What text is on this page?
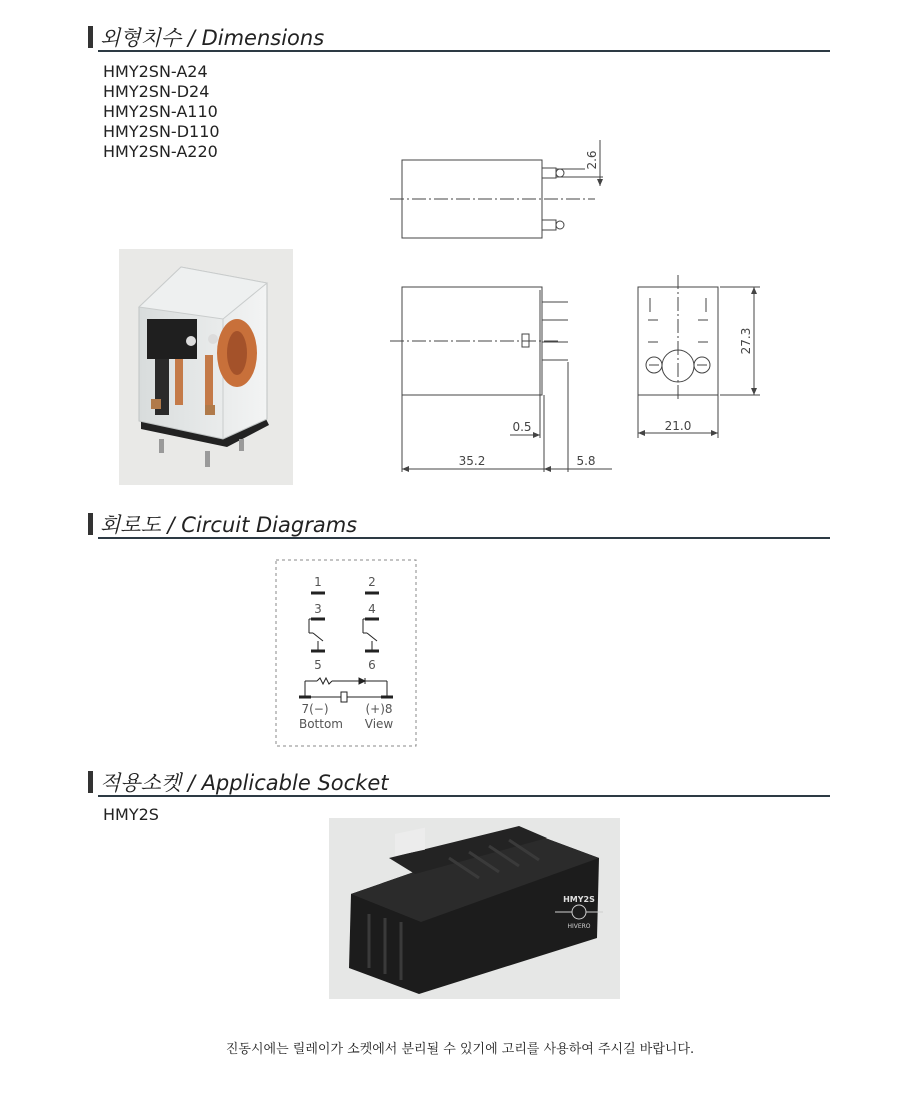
외형치수 / Dimensions
HMY2SN-A24
HMY2SN-D24
HMY2SN-A110
HMY2SN-D110
HMY2SN-A220	2.6
27.3
21.0
0.5
35.2	5.8
회로도 / Circuit Diagrams
1	2
3	4
5	6
7(−)	(+)8
Bottom View
적용소켓 / Applicable Socket
HMY2S
HMY2S
HIVERO
진동시에는 릴레이가 소켓에서 분리될 수 있기에 고리를 사용하여 주시길 바랍니다.
